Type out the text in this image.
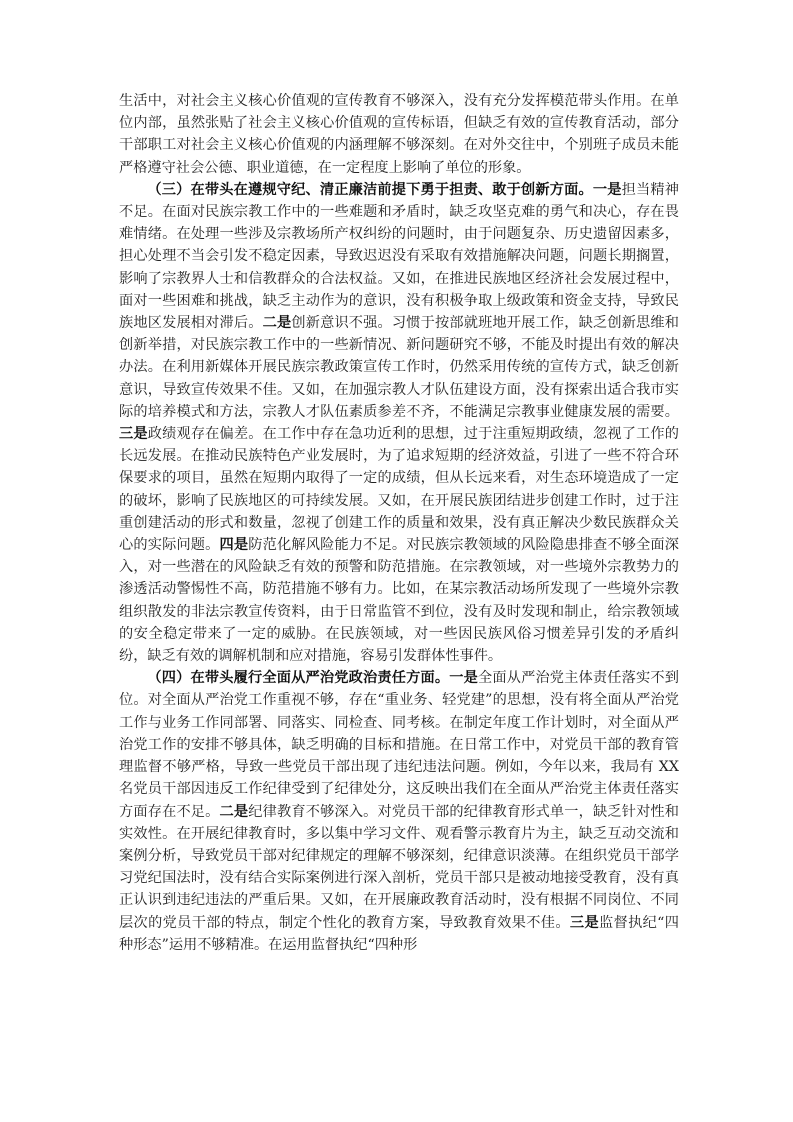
生活中，对社会主义核心价值观的宣传教育不够深入，没有充分发挥模范带头作用。在单位内部，虽然张贴了社会主义核心价值观的宣传标语，但缺乏有效的宣传教育活动，部分干部职工对社会主义核心价值观的内涵理解不够深刻。在对外交往中，个别班子成员未能严格遵守社会公德、职业道德，在一定程度上影响了单位的形象。

（三）在带头在遵规守纪、清正廉洁前提下勇于担责、敢于创新方面。一是担当精神不足。在面对民族宗教工作中的一些难题和矛盾时，缺乏攻坚克难的勇气和决心，存在畏难情绪。在处理一些涉及宗教场所产权纠纷的问题时，由于问题复杂、历史遗留因素多，担心处理不当会引发不稳定因素，导致迟迟没有采取有效措施解决问题，问题长期搁置，影响了宗教界人士和信教群众的合法权益。又如，在推进民族地区经济社会发展过程中，面对一些困难和挑战，缺乏主动作为的意识，没有积极争取上级政策和资金支持，导致民族地区发展相对滞后。二是创新意识不强。习惯于按部就班地开展工作，缺乏创新思维和创新举措，对民族宗教工作中的一些新情况、新问题研究不够，不能及时提出有效的解决办法。在利用新媒体开展民族宗教政策宣传工作时，仍然采用传统的宣传方式，缺乏创新意识，导致宣传效果不佳。又如，在加强宗教人才队伍建设方面，没有探索出适合我市实际的培养模式和方法，宗教人才队伍素质参差不齐，不能满足宗教事业健康发展的需要。三是政绩观存在偏差。在工作中存在急功近利的思想，过于注重短期政绩，忽视了工作的长远发展。在推动民族特色产业发展时，为了追求短期的经济效益，引进了一些不符合环保要求的项目，虽然在短期内取得了一定的成绩，但从长远来看，对生态环境造成了一定的破坏，影响了民族地区的可持续发展。又如，在开展民族团结进步创建工作时，过于注重创建活动的形式和数量，忽视了创建工作的质量和效果，没有真正解决少数民族群众关心的实际问题。四是防范化解风险能力不足。对民族宗教领域的风险隐患排查不够全面深入，对一些潜在的风险缺乏有效的预警和防范措施。在宗教领域，对一些境外宗教势力的渗透活动警惕性不高，防范措施不够有力。比如，在某宗教活动场所发现了一些境外宗教组织散发的非法宗教宣传资料，由于日常监管不到位，没有及时发现和制止，给宗教领域的安全稳定带来了一定的威胁。在民族领域，对一些因民族风俗习惯差异引发的矛盾纠纷，缺乏有效的调解机制和应对措施，容易引发群体性事件。

（四）在带头履行全面从严治党政治责任方面。一是全面从严治党主体责任落实不到位。对全面从严治党工作重视不够，存在“重业务、轻党建”的思想，没有将全面从严治党工作与业务工作同部署、同落实、同检查、同考核。在制定年度工作计划时，对全面从严治党工作的安排不够具体，缺乏明确的目标和措施。在日常工作中，对党员干部的教育管理监督不够严格，导致一些党员干部出现了违纪违法问题。例如，今年以来，我局有 XX 名党员干部因违反工作纪律受到了纪律处分，这反映出我们在全面从严治党主体责任落实方面存在不足。二是纪律教育不够深入。对党员干部的纪律教育形式单一，缺乏针对性和实效性。在开展纪律教育时，多以集中学习文件、观看警示教育片为主，缺乏互动交流和案例分析，导致党员干部对纪律规定的理解不够深刻，纪律意识淡薄。在组织党员干部学习党纪国法时，没有结合实际案例进行深入剖析，党员干部只是被动地接受教育，没有真正认识到违纪违法的严重后果。又如，在开展廉政教育活动时，没有根据不同岗位、不同层次的党员干部的特点，制定个性化的教育方案，导致教育效果不佳。三是监督执纪“四种形态”运用不够精准。在运用监督执纪“四种形
